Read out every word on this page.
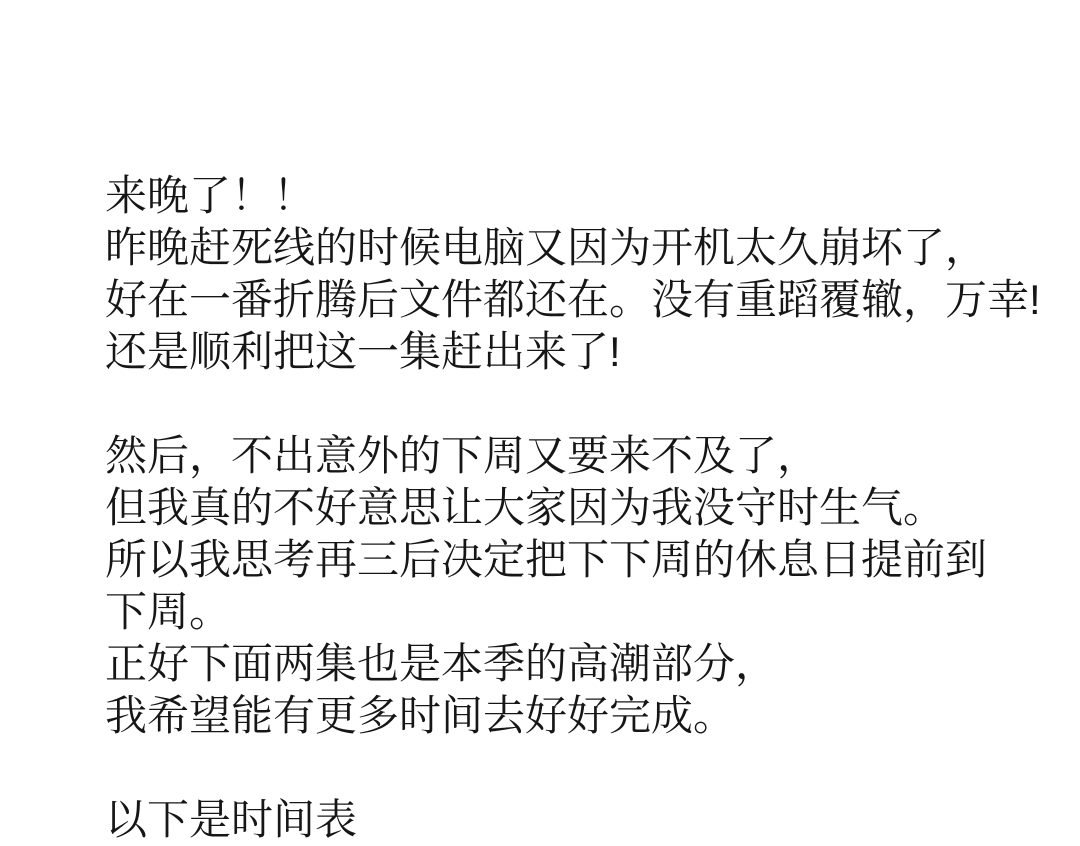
来晚了！！
昨晚赶死线的时候电脑又因为开机太久崩坏了，
好在一番折腾后文件都还在。没有重蹈覆辙，万幸!
还是顺利把这一集赶出来了!

然后，不出意外的下周又要来不及了，
但我真的不好意思让大家因为我没守时生气。
所以我思考再三后决定把下下周的休息日提前到
下周。
正好下面两集也是本季的高潮部分，
我希望能有更多时间去好好完成。

以下是时间表
